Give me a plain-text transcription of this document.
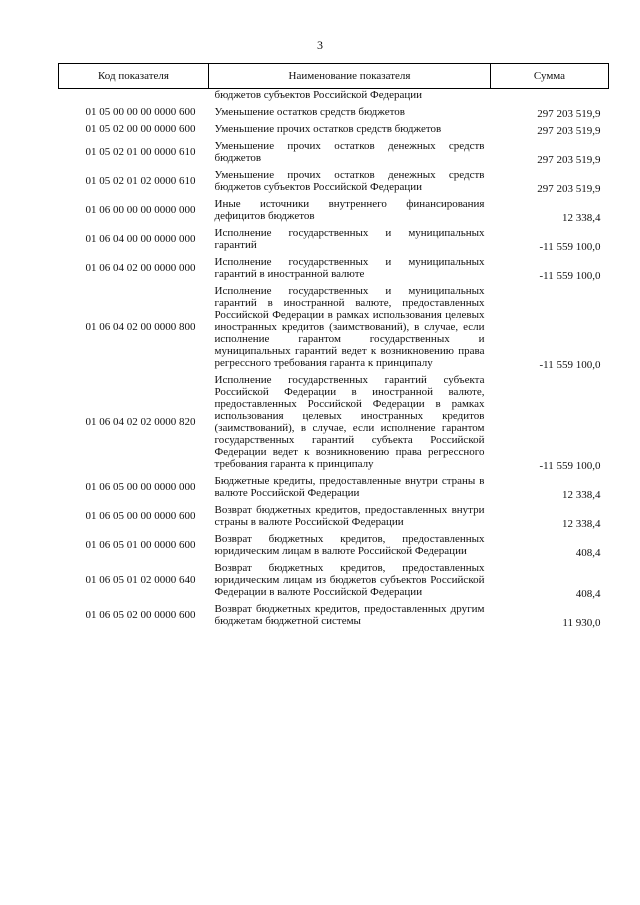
3
Код показателя	Наименование показателя	Сумма
	бюджетов субъектов Российской Федерации	
01 05 00 00 00 0000 600	Уменьшение остатков средств бюджетов	297 203 519,9
01 05 02 00 00 0000 600	Уменьшение прочих остатков средств бюджетов	297 203 519,9
01 05 02 01 00 0000 610	Уменьшение прочих остатков денежных средств бюджетов	297 203 519,9
01 05 02 01 02 0000 610	Уменьшение прочих остатков денежных средств бюджетов субъектов Российской Федерации	297 203 519,9
01 06 00 00 00 0000 000	Иные источники внутреннего финансирования дефицитов бюджетов	12 338,4
01 06 04 00 00 0000 000	Исполнение государственных и муниципальных гарантий	-11 559 100,0
01 06 04 02 00 0000 000	Исполнение государственных и муниципальных гарантий в иностранной валюте	-11 559 100,0
01 06 04 02 00 0000 800	Исполнение государственных и муниципальных гарантий в иностранной валюте, предоставленных Российской Федерации в рамках использования целевых иностранных кредитов (заимствований), в случае, если исполнение гарантом государственных и муниципальных гарантий ведет к возникновению права регрессного требования гаранта к принципалу	-11 559 100,0
01 06 04 02 02 0000 820	Исполнение государственных гарантий субъекта Российской Федерации в иностранной валюте, предоставленных Российской Федерации в рамках использования целевых иностранных кредитов (заимствований), в случае, если исполнение гарантом государственных гарантий субъекта Российской Федерации ведет к возникновению права регрессного требования гаранта к принципалу	-11 559 100,0
01 06 05 00 00 0000 000	Бюджетные кредиты, предоставленные внутри страны в валюте Российской Федерации	12 338,4
01 06 05 00 00 0000 600	Возврат бюджетных кредитов, предоставленных внутри страны в валюте Российской Федерации	12 338,4
01 06 05 01 00 0000 600	Возврат бюджетных кредитов, предоставленных юридическим лицам в валюте Российской Федерации	408,4
01 06 05 01 02 0000 640	Возврат бюджетных кредитов, предоставленных юридическим лицам из бюджетов субъектов Российской Федерации в валюте Российской Федерации	408,4
01 06 05 02 00 0000 600	Возврат бюджетных кредитов, предоставленных другим бюджетам бюджетной системы	11 930,0
